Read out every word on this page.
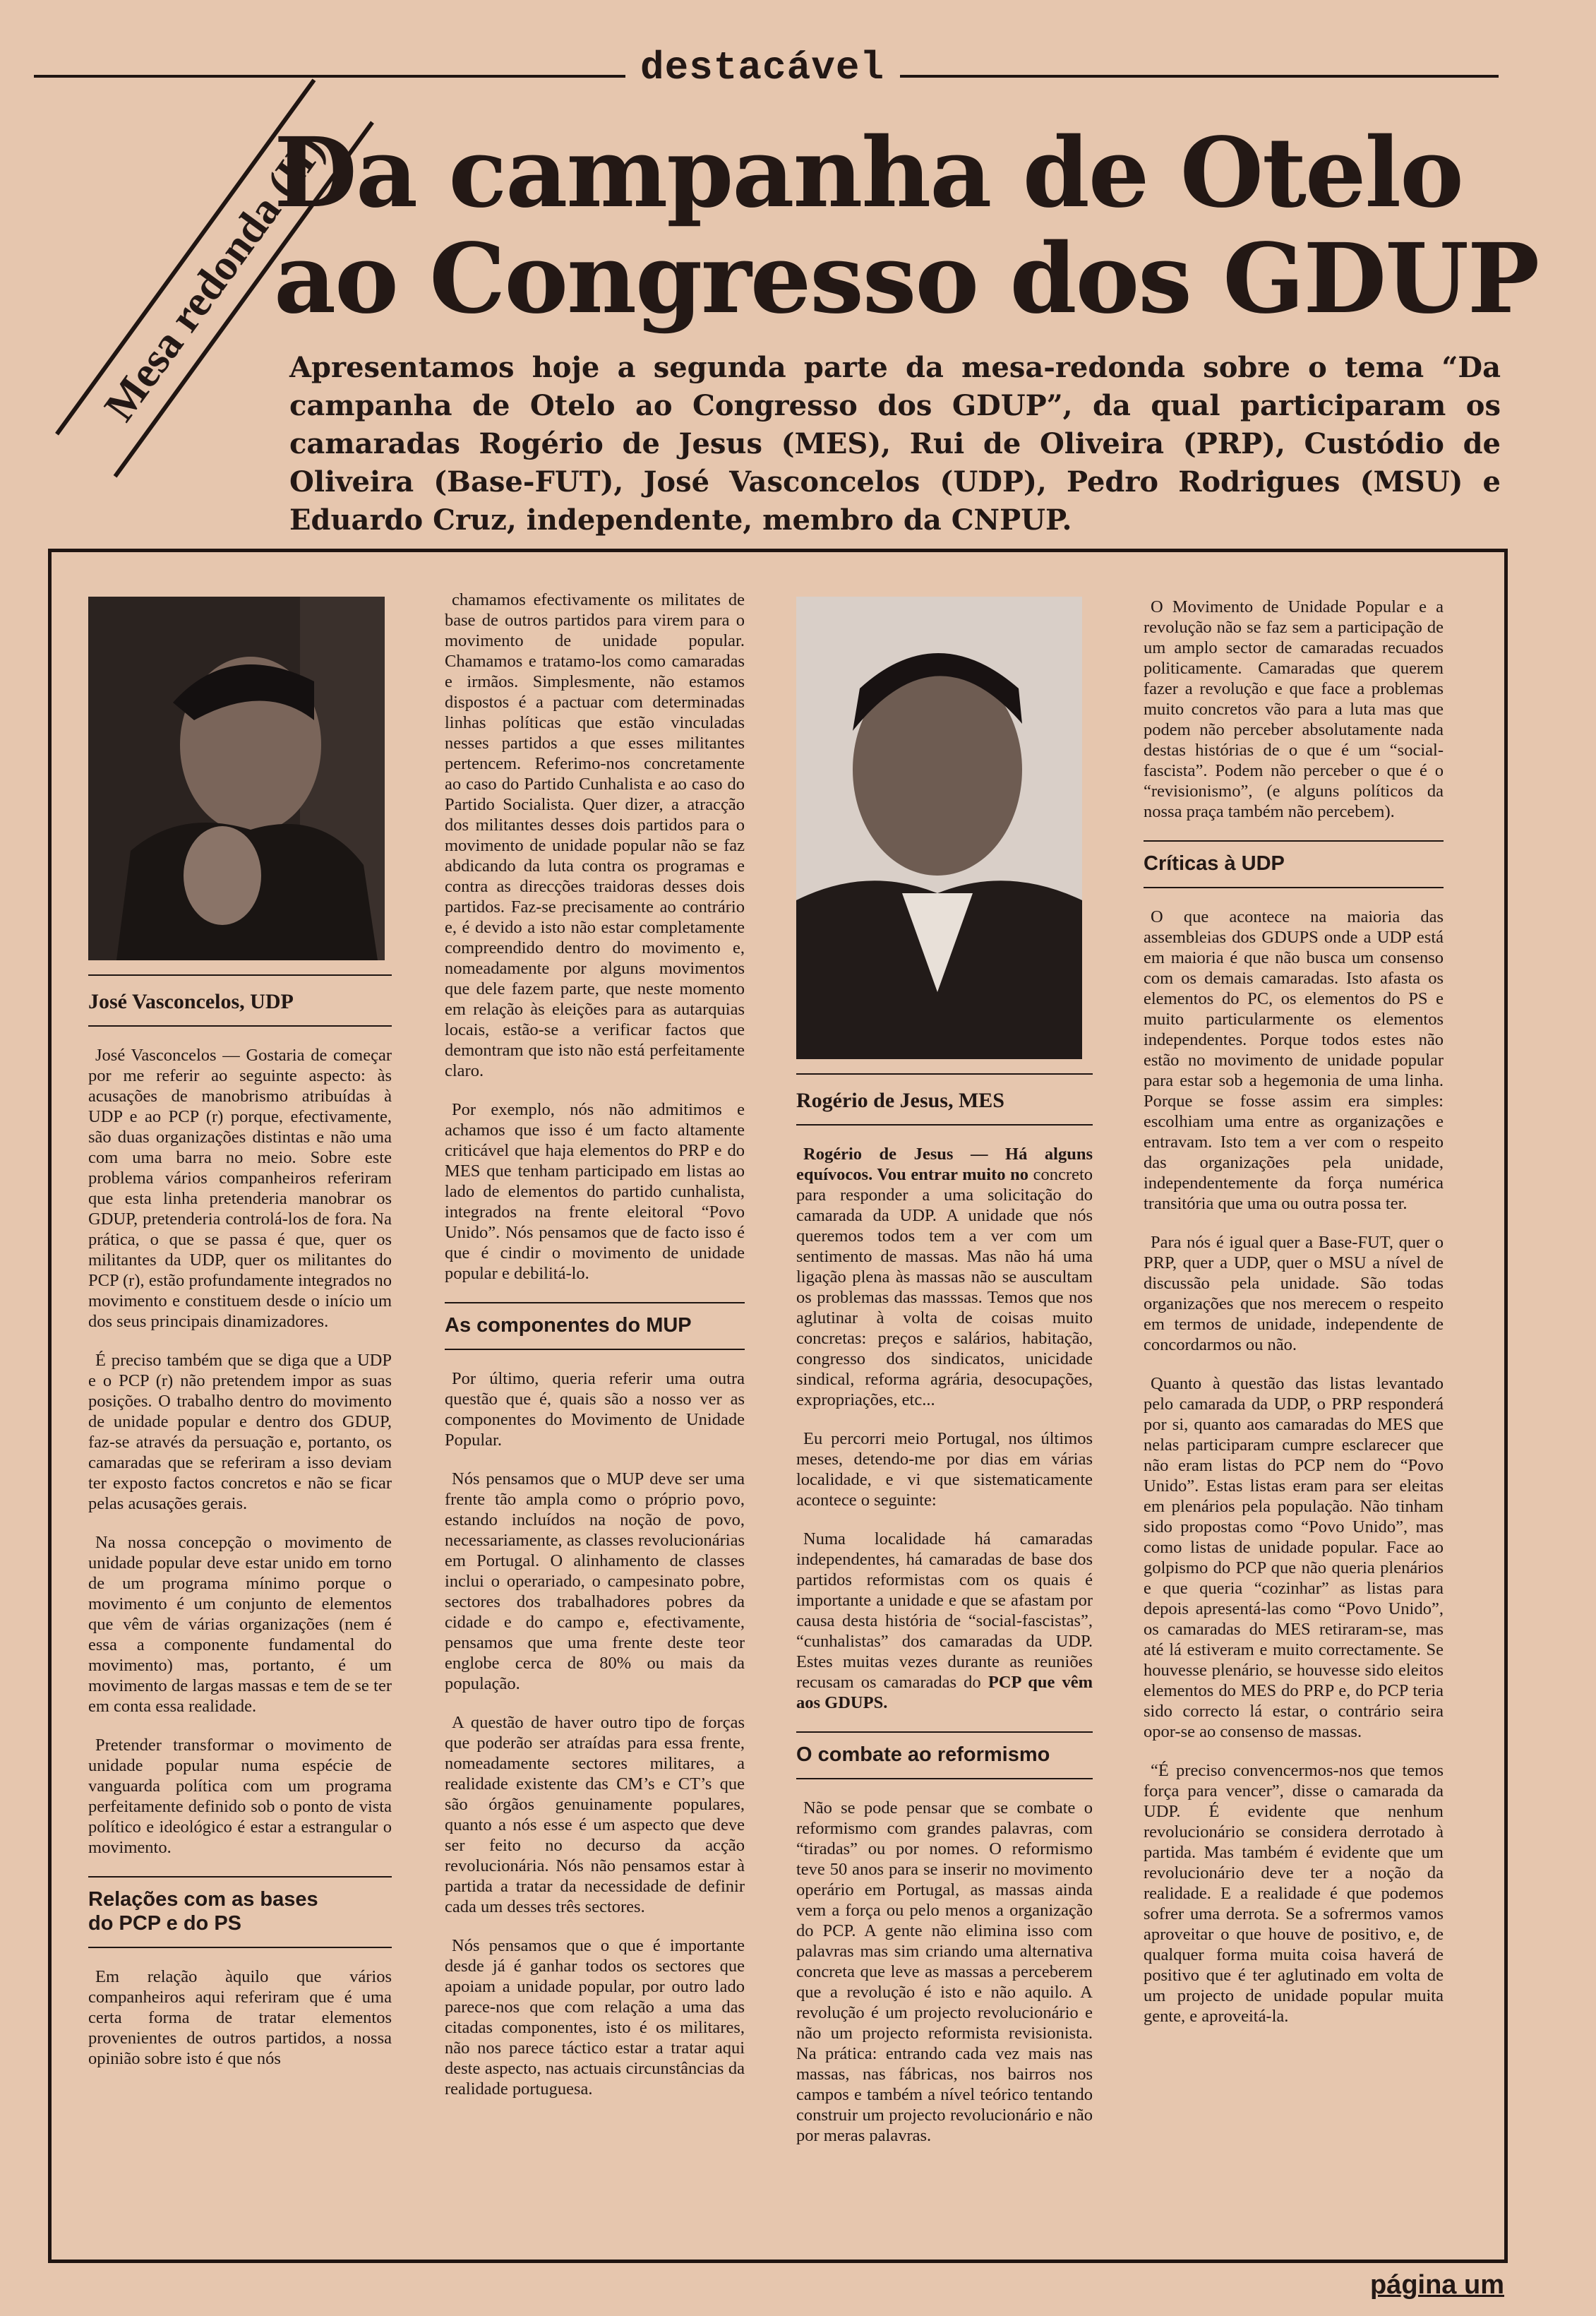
destacável
Mesa redonda (II)
Da campanha de Otelo
ao Congresso dos GDUP
Apresentamos hoje a segunda parte da mesa-redonda sobre o tema “Da campanha de Otelo ao Congresso dos GDUP”, da qual participaram os camaradas Rogério de Jesus (MES), Rui de Oliveira (PRP), Custódio de Oliveira (Base-FUT), José Vasconcelos (UDP), Pedro Rodrigues (MSU) e Eduardo Cruz, independente, membro da CNPUP.
José Vasconcelos, UDP
Rogério de Jesus, MES

José Vasconcelos — Gostaria de começar por me referir ao seguinte aspecto: às acusações de manobrismo atribuídas à UDP e ao PCP (r) porque, efectivamente, são duas organizações distintas e não uma com uma barra no meio. Sobre este problema vários companheiros referiram que esta linha pretenderia manobrar os GDUP, pretenderia controlá-los de fora. Na prática, o que se passa é que, quer os militantes da UDP, quer os militantes do PCP (r), estão profundamente integrados no movimento e constituem desde o início um dos seus principais dinamizadores.

É preciso também que se diga que a UDP e o PCP (r) não pretendem impor as suas posições. O trabalho dentro do movimento de unidade popular e dentro dos GDUP, faz-se através da persuação e, portanto, os camaradas que se referiram a isso deviam ter exposto factos concretos e não se ficar pelas acusações gerais.

Na nossa concepção o movimento de unidade popular deve estar unido em torno de um programa mínimo porque o movimento é um conjunto de elementos que vêm de várias organizações (nem é essa a componente fundamental do movimento) mas, portanto, é um movimento de largas massas e tem de se ter em conta essa realidade.

Pretender transformar o movimento de unidade popular numa espécie de vanguarda política com um programa perfeitamente definido sob o ponto de vista político e ideológico é estar a estrangular o movimento.

Relações com as bases
do PCP e do PS

Em relação àquilo que vários companheiros aqui referiram que é uma certa forma de tratar elementos provenientes de outros partidos, a nossa opinião sobre isto é que nós

chamamos efectivamente os militates de base de outros partidos para virem para o movimento de unidade popular. Chamamos e tratamo-los como camaradas e irmãos. Simplesmente, não estamos dispostos é a pactuar com determinadas linhas políticas que estão vinculadas nesses partidos a que esses militantes pertencem. Referimo-nos concretamente ao caso do Partido Cunhalista e ao caso do Partido Socialista. Quer dizer, a atracção dos militantes desses dois partidos para o movimento de unidade popular não se faz abdicando da luta contra os programas e contra as direcções traidoras desses dois partidos. Faz-se precisamente ao contrário e, é devido a isto não estar completamente compreendido dentro do movimento e, nomeadamente por alguns movimentos que dele fazem parte, que neste momento em relação às eleições para as autarquias locais, estão-se a verificar factos que demontram que isto não está perfeitamente claro.

Por exemplo, nós não admitimos e achamos que isso é um facto altamente criticável que haja elementos do PRP e do MES que tenham participado em listas ao lado de elementos do partido cunhalista, integrados na frente eleitoral “Povo Unido”. Nós pensamos que de facto isso é que é cindir o movimento de unidade popular e debilitá-lo.

As componentes do MUP

Por último, queria referir uma outra questão que é, quais são a nosso ver as componentes do Movimento de Unidade Popular.

Nós pensamos que o MUP deve ser uma frente tão ampla como o próprio povo, estando incluídos na noção de povo, necessariamente, as classes revolucionárias em Portugal. O alinhamento de classes inclui o operariado, o campesinato pobre, sectores dos trabalhadores pobres da cidade e do campo e, efectivamente, pensamos que uma frente deste teor englobe cerca de 80% ou mais da população.

A questão de haver outro tipo de forças que poderão ser atraídas para essa frente, nomeadamente sectores militares, a realidade existente das CM’s e CT’s que são órgãos genuinamente populares, quanto a nós esse é um aspecto que deve ser feito no decurso da acção revolucionária. Nós não pensamos estar à partida a tratar da necessidade de definir cada um desses três sectores.

Nós pensamos que o que é importante desde já é ganhar todos os sectores que apoiam a unidade popular, por outro lado parece-nos que com relação a uma das citadas componentes, isto é os militares, não nos parece táctico estar a tratar aqui deste aspecto, nas actuais circunstâncias da realidade portuguesa.

Rogério de Jesus — Há alguns equívocos. Vou entrar muito no concreto para responder a uma solicitação do camarada da UDP. A unidade que nós queremos todos tem a ver com um sentimento de massas. Mas não há uma ligação plena às massas não se auscultam os problemas das masssas. Temos que nos aglutinar à volta de coisas muito concretas: preços e salários, habitação, congresso dos sindicatos, unicidade sindical, reforma agrária, desocupações, expropriações, etc...

Eu percorri meio Portugal, nos últimos meses, detendo-me por dias em várias localidade, e vi que sistematicamente acontece o seguinte:

Numa localidade há camaradas independentes, há camaradas de base dos partidos reformistas com os quais é importante a unidade e que se afastam por causa desta história de “social-fascistas”, “cunhalistas” dos camaradas da UDP. Estes muitas vezes durante as reuniões recusam os camaradas do PCP que vêm aos GDUPS.

O combate ao reformismo

Não se pode pensar que se combate o reformismo com grandes palavras, com “tiradas” ou por nomes. O reformismo teve 50 anos para se inserir no movimento operário em Portugal, as massas ainda vem a força ou pelo menos a organização do PCP. A gente não elimina isso com palavras mas sim criando uma alternativa concreta que leve as massas a perceberem que a revolução é isto e não aquilo. A revolução é um projecto revolucionário e não um projecto reformista revisionista. Na prática: entrando cada vez mais nas massas, nas fábricas, nos bairros nos campos e também a nível teórico tentando construir um projecto revolucionário e não por meras palavras.

O Movimento de Unidade Popular e a revolução não se faz sem a participação de um amplo sector de camaradas recuados politicamente. Camaradas que querem fazer a revolução e que face a problemas muito concretos vão para a luta mas que podem não perceber absolutamente nada destas histórias de o que é um “social-fascista”. Podem não perceber o que é o “revisionismo”, (e alguns políticos da nossa praça também não percebem).

Críticas à UDP

O que acontece na maioria das assembleias dos GDUPS onde a UDP está em maioria é que não busca um consenso com os demais camaradas. Isto afasta os elementos do PC, os elementos do PS e muito particularmente os elementos independentes. Porque todos estes não estão no movimento de unidade popular para estar sob a hegemonia de uma linha. Porque se fosse assim era simples: escolhiam uma entre as organizações e entravam. Isto tem a ver com o respeito das organizações pela unidade, independentemente da força numérica transitória que uma ou outra possa ter.

Para nós é igual quer a Base-FUT, quer o PRP, quer a UDP, quer o MSU a nível de discussão pela unidade. São todas organizações que nos merecem o respeito em termos de unidade, independente de concordarmos ou não.

Quanto à questão das listas levantado pelo camarada da UDP, o PRP responderá por si, quanto aos camaradas do MES que nelas participaram cumpre esclarecer que não eram listas do PCP nem do “Povo Unido”. Estas listas eram para ser eleitas em plenários pela população. Não tinham sido propostas como “Povo Unido”, mas como listas de unidade popular. Face ao golpismo do PCP que não queria plenários e que queria “cozinhar” as listas para depois apresentá-las como “Povo Unido”, os camaradas do MES retiraram-se, mas até lá estiveram e muito correctamente. Se houvesse plenário, se houvesse sido eleitos elementos do MES do PRP e, do PCP teria sido correcto lá estar, o contrário seira opor-se ao consenso de massas.

“É preciso convencermos-nos que temos força para vencer”, disse o camarada da UDP. É evidente que nenhum revolucionário se considera derrotado à partida. Mas também é evidente que um revolucionário deve ter a noção da realidade. E a realidade é que podemos sofrer uma derrota. Se a sofrermos vamos aproveitar o que houve de positivo, e, de qualquer forma muita coisa haverá de positivo que é ter aglutinado em volta de um projecto de unidade popular muita gente, e aproveitá-la.

página um
